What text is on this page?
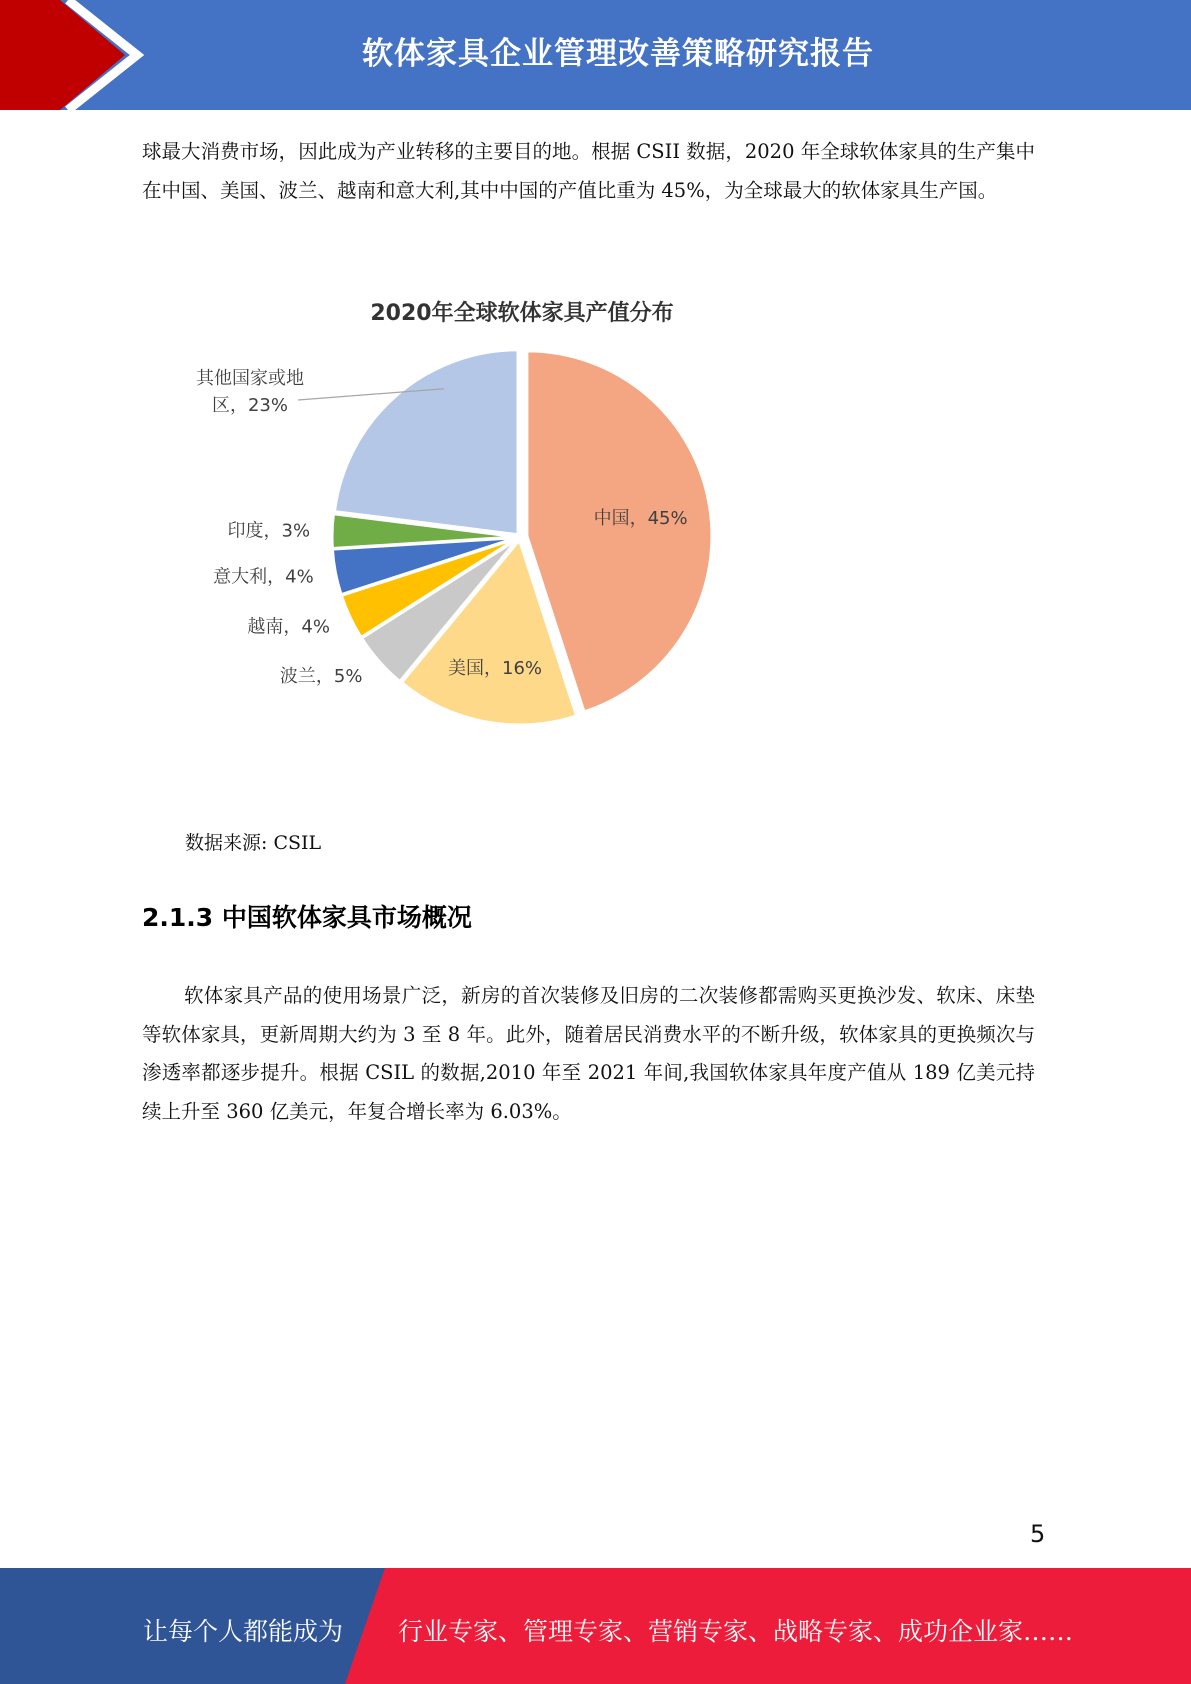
软体家具企业管理改善策略研究报告

球最大消费市场，因此成为产业转移的主要目的地。根据 CSII 数据，2020 年全球软体家具的生产集中在中国、美国、波兰、越南和意大利,其中中国的产值比重为 45%，为全球最大的软体家具生产国。

2020年全球软体家具产值分布
中国，45%
美国，16%
波兰，5%
越南，4%
意大利，4%
印度，3%
其他国家或地
区，23%

数据来源: CSIL

2.1.3 中国软体家具市场概况

软体家具产品的使用场景广泛，新房的首次装修及旧房的二次装修都需购买更换沙发、软床、床垫等软体家具，更新周期大约为 3 至 8 年。此外，随着居民消费水平的不断升级，软体家具的更换频次与渗透率都逐步提升。根据 CSIL 的数据,2010 年至 2021 年间,我国软体家具年度产值从 189 亿美元持续上升至 360 亿美元，年复合增长率为 6.03%。

5
让每个人都能成为 行业专家、管理专家、营销专家、战略专家、成功企业家……
